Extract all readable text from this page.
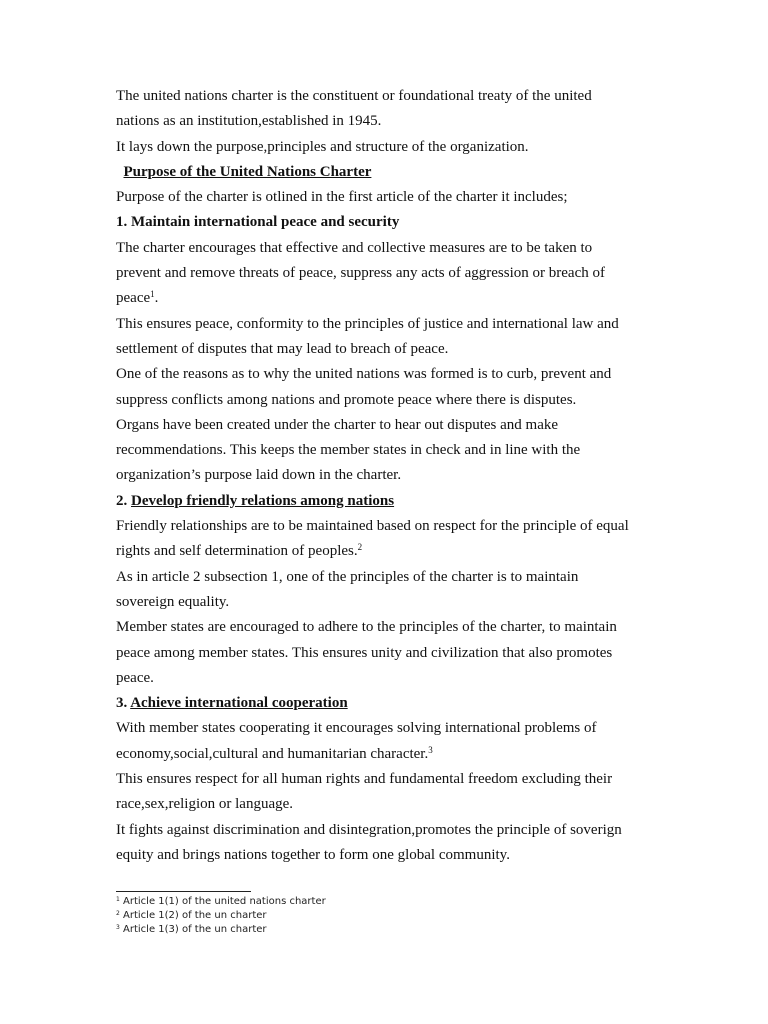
The united nations charter is the constituent or foundational treaty of the united

nations as an institution,established in 1945.

It lays down the purpose,principles and structure of the organization.

Purpose of the United Nations Charter

Purpose of the charter is otlined in the first article of the charter it includes;

1. Maintain international peace and security

The charter encourages that effective and collective measures are to be taken to

prevent and remove threats of peace, suppress any acts of aggression or breach of

peace$^1$.

This ensures peace, conformity to the principles of justice and international law and

settlement of disputes that may lead to breach of peace.

One of the reasons as to why the united nations was formed is to curb, prevent and

suppress conflicts among nations and promote peace where there is disputes.

Organs have been created under the charter to hear out disputes and make

recommendations. This keeps the member states in check and in line with the

organization’s purpose laid down in the charter.

2. Develop friendly relations among nations

Friendly relationships are to be maintained based on respect for the principle of equal

rights and self determination of peoples.$^2$

As in article 2 subsection 1, one of the principles of the charter is to maintain

sovereign equality.

Member states are encouraged to adhere to the principles of the charter, to maintain

peace among member states. This ensures unity and civilization that also promotes

peace.

3. Achieve international cooperation

With member states cooperating it encourages solving international problems of

economy,social,cultural and humanitarian character.$^3$

This ensures respect for all human rights and fundamental freedom excluding their

race,sex,religion or language.

It fights against discrimination and disintegration,promotes the principle of soverign

equity and brings nations together to form one global community.

$^1$ Article 1(1) of the united nations charter

$^2$ Article 1(2) of the un charter

$^3$ Article 1(3) of the un charter
